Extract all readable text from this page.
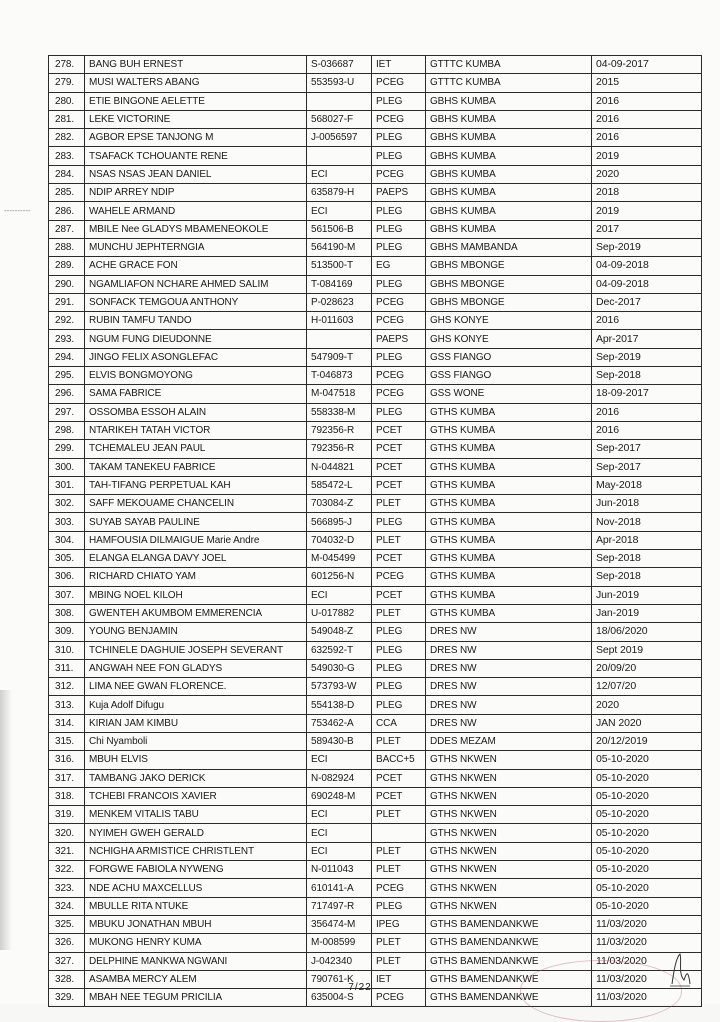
----------
278.	BANG BUH ERNEST	S-036687	IET	GTTTC KUMBA	04-09-2017
279.	MUSI WALTERS ABANG	553593-U	PCEG	GTTTC KUMBA	2015
280.	ETIE BINGONE AELETTE		PLEG	GBHS KUMBA	2016
281.	LEKE VICTORINE	568027-F	PCEG	GBHS KUMBA	2016
282.	AGBOR EPSE TANJONG M	J-0056597	PLEG	GBHS KUMBA	2016
283.	TSAFACK TCHOUANTE RENE		PLEG	GBHS KUMBA	2019
284.	NSAS NSAS JEAN DANIEL	ECI	PCEG	GBHS KUMBA	2020
285.	NDIP ARREY NDIP	635879-H	PAEPS	GBHS KUMBA	2018
286.	WAHELE ARMAND	ECI	PLEG	GBHS KUMBA	2019
287.	MBILE Nee GLADYS MBAMENEOKOLE	561506-B	PLEG	GBHS KUMBA	2017
288.	MUNCHU JEPHTERNGIA	564190-M	PLEG	GBHS MAMBANDA	Sep-2019
289.	ACHE GRACE FON	513500-T	EG	GBHS MBONGE	04-09-2018
290.	NGAMLIAFON NCHARE AHMED SALIM	T-084169	PLEG	GBHS MBONGE	04-09-2018
291.	SONFACK TEMGOUA ANTHONY	P-028623	PCEG	GBHS MBONGE	Dec-2017
292.	RUBIN TAMFU TANDO	H-011603	PCEG	GHS KONYE	2016
293.	NGUM FUNG DIEUDONNE		PAEPS	GHS KONYE	Apr-2017
294.	JINGO FELIX ASONGLEFAC	547909-T	PLEG	GSS FIANGO	Sep-2019
295.	ELVIS BONGMOYONG	T-046873	PCEG	GSS FIANGO	Sep-2018
296.	SAMA FABRICE	M-047518	PCEG	GSS WONE	18-09-2017
297.	OSSOMBA ESSOH ALAIN	558338-M	PLEG	GTHS KUMBA	2016
298.	NTARIKEH TATAH VICTOR	792356-R	PCET	GTHS KUMBA	2016
299.	TCHEMALEU JEAN PAUL	792356-R	PCET	GTHS KUMBA	Sep-2017
300.	TAKAM TANEKEU FABRICE	N-044821	PCET	GTHS KUMBA	Sep-2017
301.	TAH-TIFANG PERPETUAL KAH	585472-L	PCET	GTHS KUMBA	May-2018
302.	SAFF MEKOUAME CHANCELIN	703084-Z	PLET	GTHS KUMBA	Jun-2018
303.	SUYAB SAYAB PAULINE	566895-J	PLEG	GTHS KUMBA	Nov-2018
304.	HAMFOUSIA DILMAIGUE Marie Andre	704032-D	PLET	GTHS KUMBA	Apr-2018
305.	ELANGA ELANGA DAVY JOEL	M-045499	PCET	GTHS KUMBA	Sep-2018
306.	RICHARD CHIATO YAM	601256-N	PCEG	GTHS KUMBA	Sep-2018
307.	MBING NOEL KILOH	ECI	PCET	GTHS KUMBA	Jun-2019
308.	GWENTEH AKUMBOM EMMERENCIA	U-017882	PLET	GTHS KUMBA	Jan-2019
309.	YOUNG BENJAMIN	549048-Z	PLEG	DRES NW	18/06/2020
310.	TCHINELE DAGHUIE JOSEPH SEVERANT	632592-T	PLEG	DRES NW	Sept 2019
311.	ANGWAH NEE FON GLADYS	549030-G	PLEG	DRES NW	20/09/20
312.	LIMA NEE GWAN FLORENCE.	573793-W	PLEG	DRES NW	12/07/20
313.	Kuja Adolf Difugu	554138-D	PLEG	DRES NW	2020
314.	KIRIAN JAM KIMBU	753462-A	CCA	DRES NW	JAN 2020
315.	Chi Nyamboli	589430-B	PLET	DDES MEZAM	20/12/2019
316.	MBUH ELVIS	ECI	BACC+5	GTHS NKWEN	05-10-2020
317.	TAMBANG JAKO DERICK	N-082924	PCET	GTHS NKWEN	05-10-2020
318.	TCHEBI FRANCOIS XAVIER	690248-M	PCET	GTHS NKWEN	05-10-2020
319.	MENKEM VITALIS TABU	ECI	PLET	GTHS NKWEN	05-10-2020
320.	NYIMEH GWEH GERALD	ECI		GTHS NKWEN	05-10-2020
321.	NCHIGHA ARMISTICE CHRISTLENT	ECI	PLET	GTHS NKWEN	05-10-2020
322.	FORGWE FABIOLA NYWENG	N-011043	PLET	GTHS NKWEN	05-10-2020
323.	NDE ACHU MAXCELLUS	610141-A	PCEG	GTHS NKWEN	05-10-2020
324.	MBULLE RITA NTUKE	717497-R	PLEG	GTHS NKWEN	05-10-2020
325.	MBUKU JONATHAN MBUH	356474-M	IPEG	GTHS BAMENDANKWE	11/03/2020
326.	MUKONG HENRY KUMA	M-008599	PLET	GTHS BAMENDANKWE	11/03/2020
327.	DELPHINE MANKWA NGWANI	J-042340	PLET	GTHS BAMENDANKWE	11/03/2020
328.	ASAMBA MERCY ALEM	790761-K	IET	GTHS BAMENDANKWE	11/03/2020
329.	MBAH NEE TEGUM PRICILIA	635004-S	PCEG	GTHS BAMENDANKWE	11/03/2020
7/22
